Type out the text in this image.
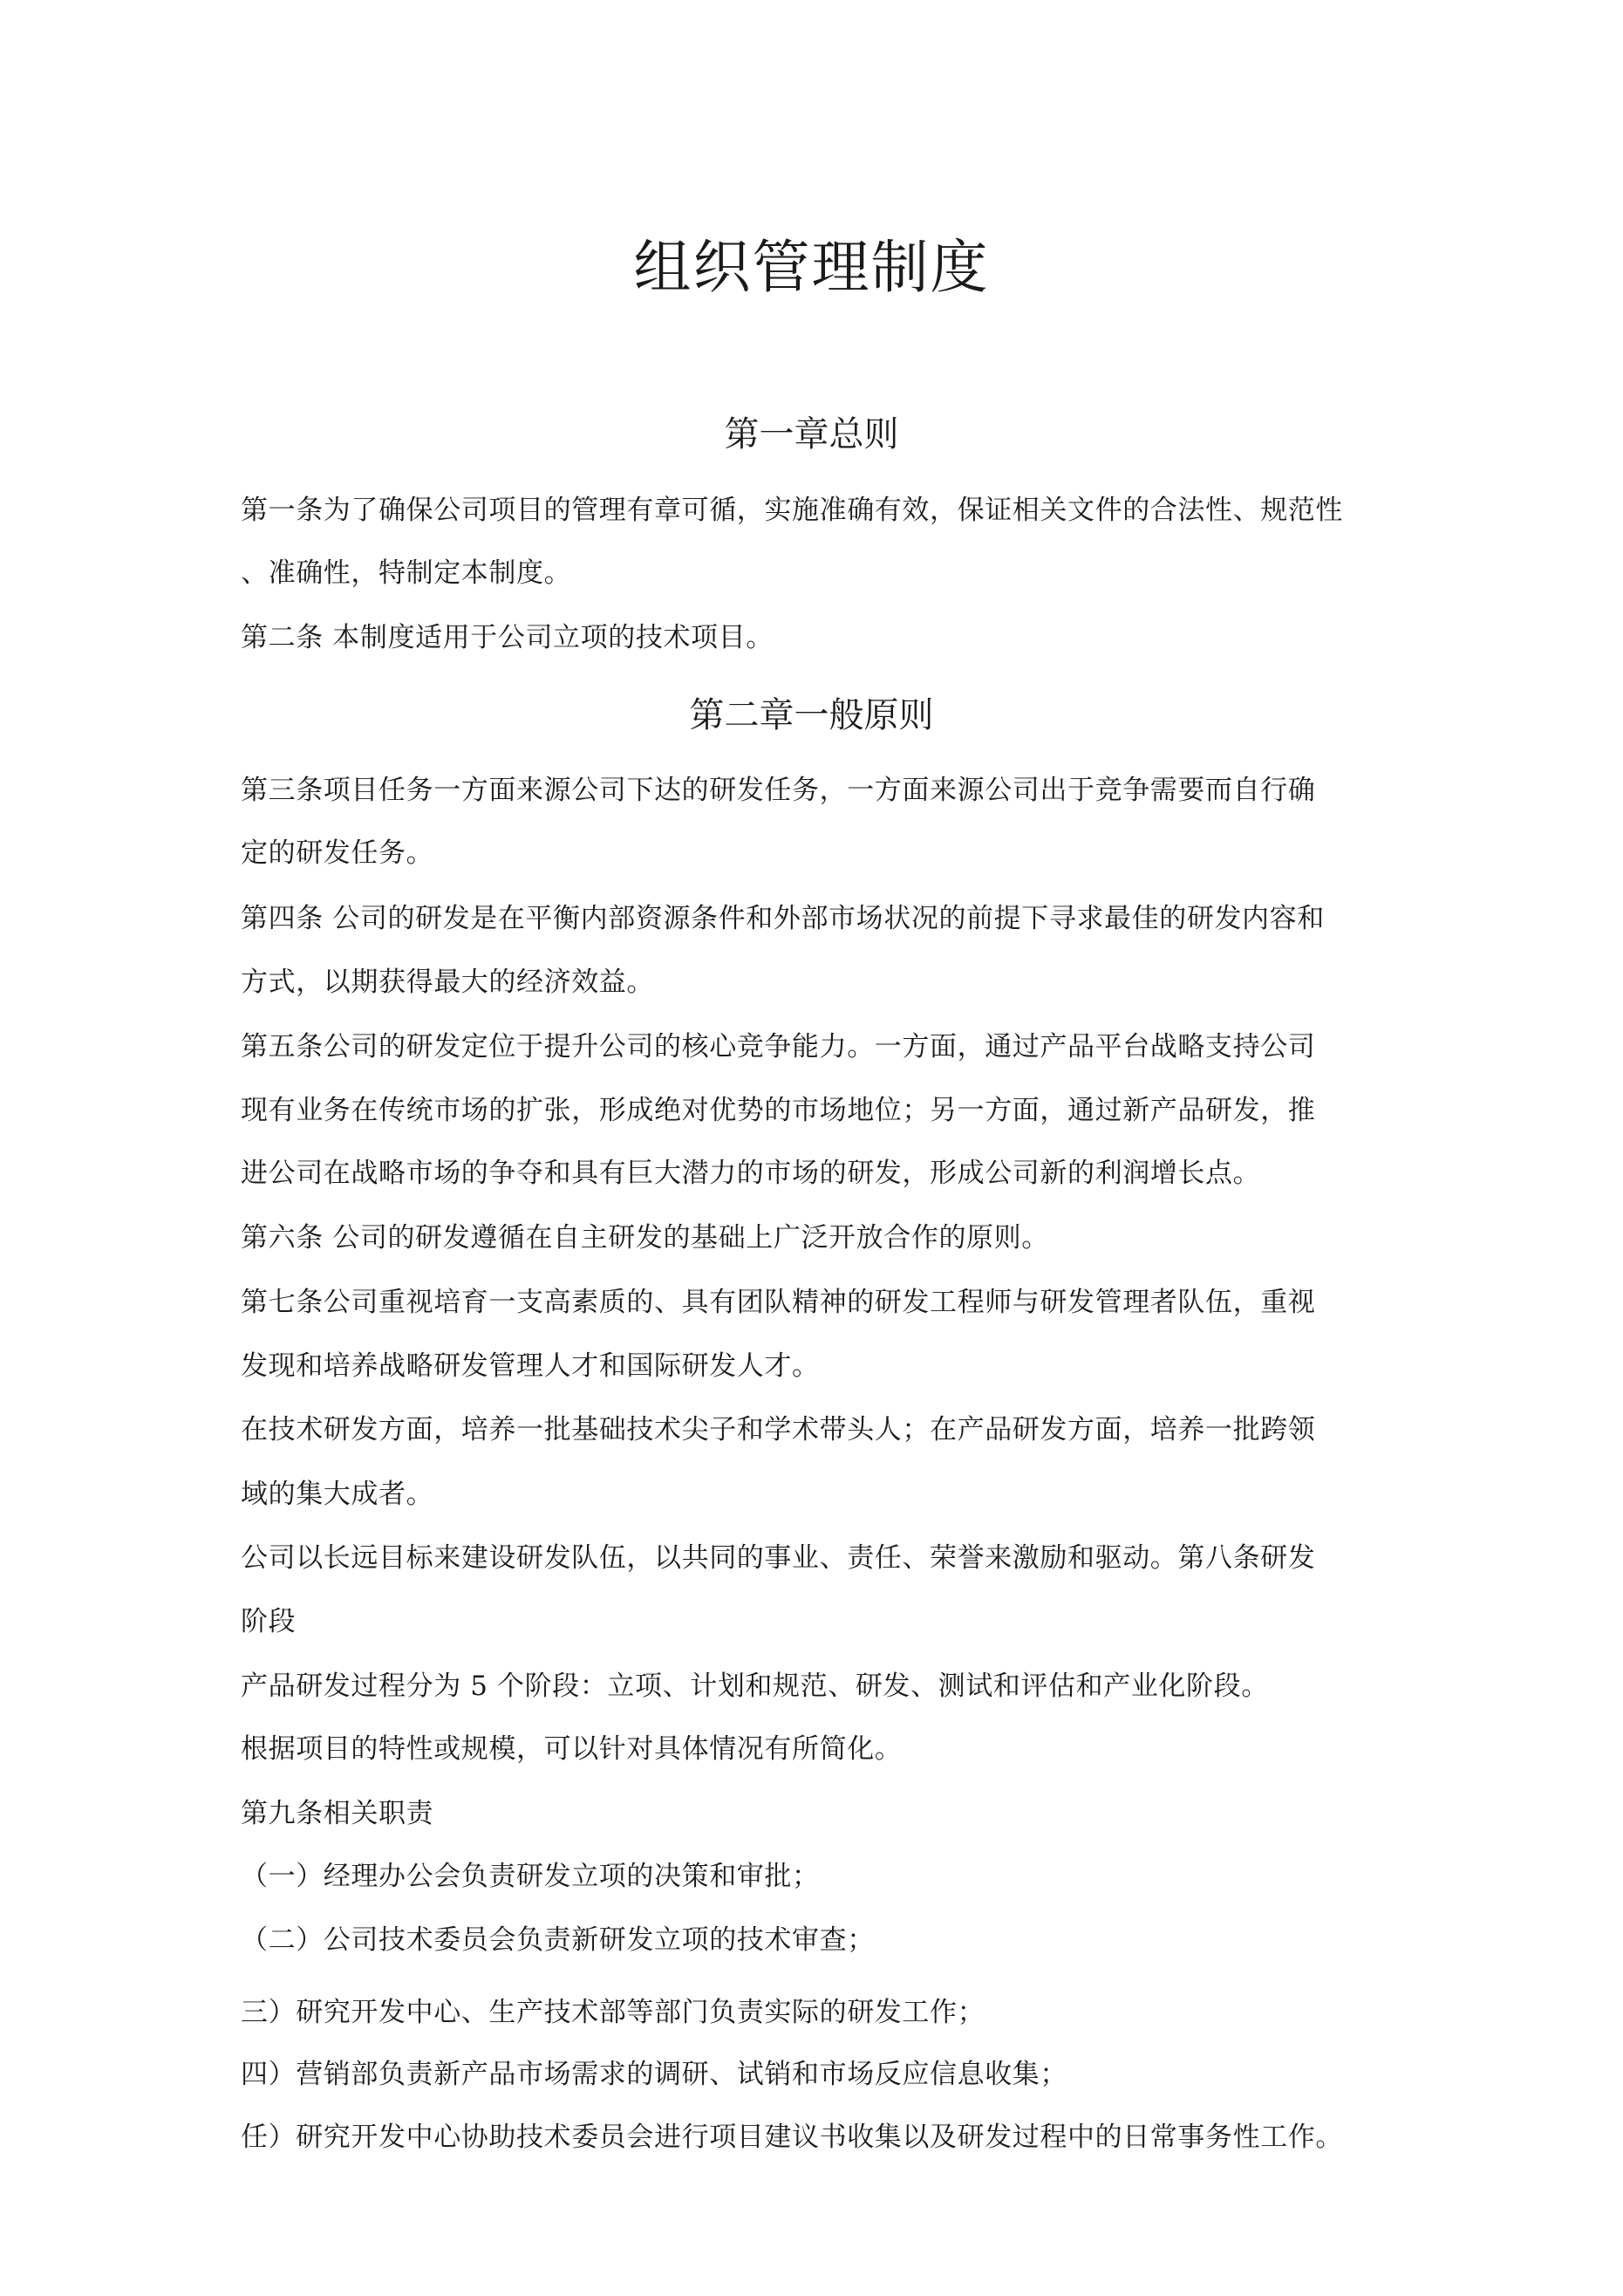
组织管理制度
第一章总则

第一条为了确保公司项目的管理有章可循，实施准确有效，保证相关文件的合法性、规范性

、准确性，特制定本制度。

第二条 本制度适用于公司立项的技术项目。

第二章一般原则

第三条项目任务一方面来源公司下达的研发任务，一方面来源公司出于竞争需要而自行确

定的研发任务。

第四条 公司的研发是在平衡内部资源条件和外部市场状况的前提下寻求最佳的研发内容和

方式，以期获得最大的经济效益。

第五条公司的研发定位于提升公司的核心竞争能力。一方面，通过产品平台战略支持公司

现有业务在传统市场的扩张，形成绝对优势的市场地位；另一方面，通过新产品研发，推

进公司在战略市场的争夺和具有巨大潜力的市场的研发，形成公司新的利润增长点。

第六条 公司的研发遵循在自主研发的基础上广泛开放合作的原则。

第七条公司重视培育一支高素质的、具有团队精神的研发工程师与研发管理者队伍，重视

发现和培养战略研发管理人才和国际研发人才。

在技术研发方面，培养一批基础技术尖子和学术带头人；在产品研发方面，培养一批跨领

域的集大成者。

公司以长远目标来建设研发队伍，以共同的事业、责任、荣誉来激励和驱动。第八条研发

阶段

产品研发过程分为 5 个阶段：立项、计划和规范、研发、测试和评估和产业化阶段。

根据项目的特性或规模，可以针对具体情况有所简化。

第九条相关职责

（一）经理办公会负责研发立项的决策和审批；

（二）公司技术委员会负责新研发立项的技术审查；

三）研究开发中心、生产技术部等部门负责实际的研发工作；

四）营销部负责新产品市场需求的调研、试销和市场反应信息收集；

任）研究开发中心协助技术委员会进行项目建议书收集以及研发过程中的日常事务性工作。
